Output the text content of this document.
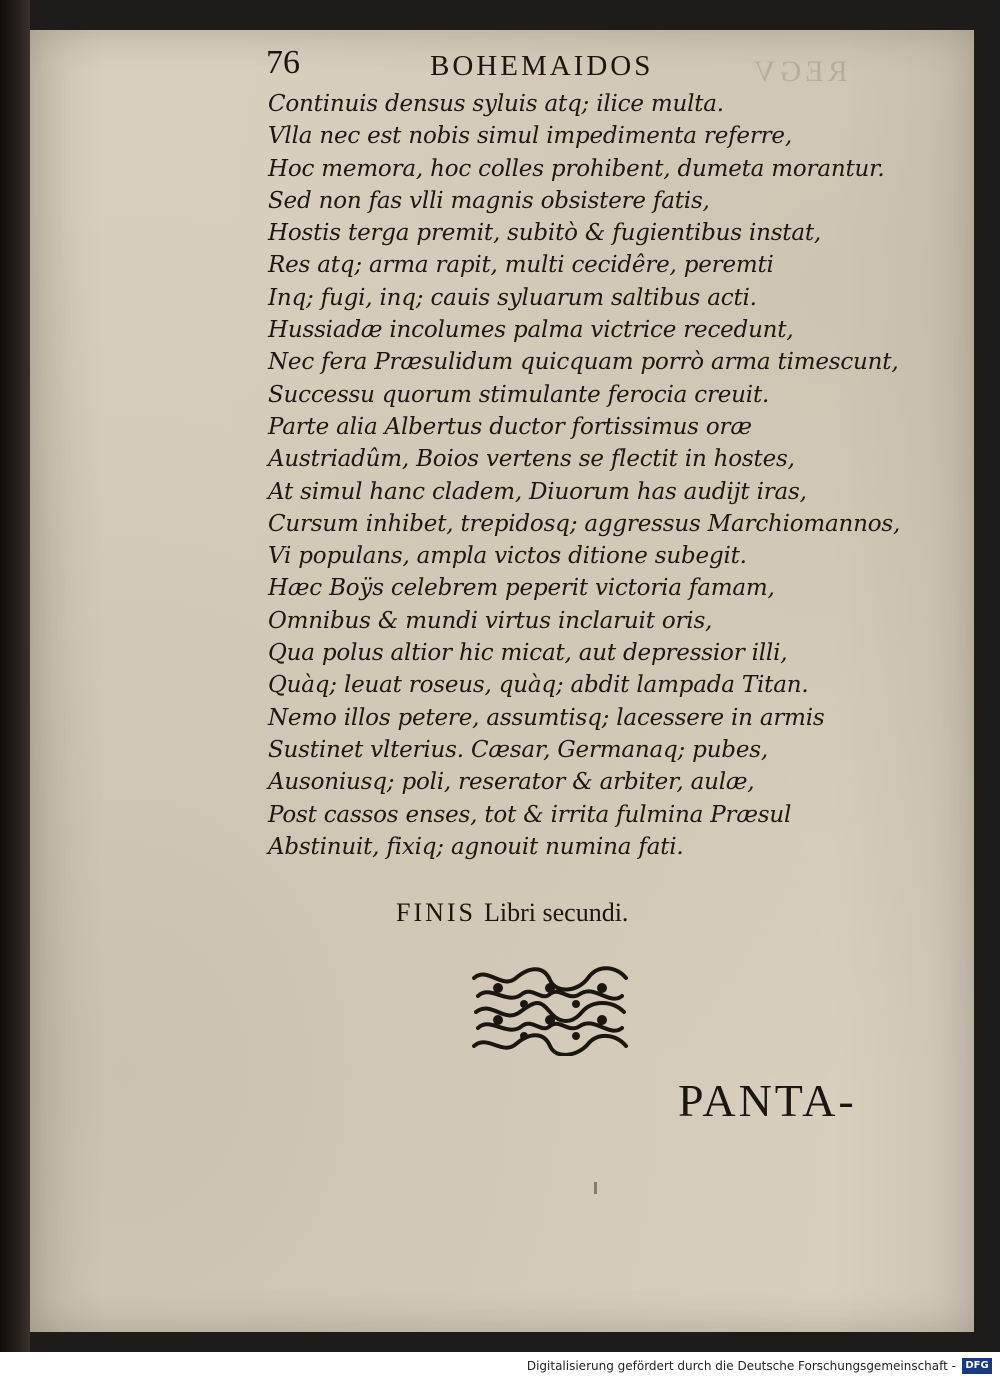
REGV
76	BOHEMAIDOS
Continuis densus syluis atq; ilice multa.
Vlla nec est nobis simul impedimenta referre,
Hoc memora, hoc colles prohibent, dumeta morantur.
Sed non fas vlli magnis obsistere fatis,
Hostis terga premit, subitò & fugientibus instat,
Res atq; arma rapit, multi cecidêre, peremti
Inq; fugi, inq; cauis syluarum saltibus acti.
Hussiadæ incolumes palma victrice recedunt,
Nec fera Præsulidum quicquam porrò arma timescunt,
Successu quorum stimulante ferocia creuit.
Parte alia Albertus ductor fortissimus oræ
Austriadûm, Boios vertens se flectit in hostes,
At simul hanc cladem, Diuorum has audijt iras,
Cursum inhibet, trepidosq; aggressus Marchiomannos,
Vi populans, ampla victos ditione subegit.
Hæc Boÿs celebrem peperit victoria famam,
Omnibus & mundi virtus inclaruit oris,
Qua polus altior hic micat, aut depressior illi,
Quàq; leuat roseus, quàq; abdit lampada Titan.
Nemo illos petere, assumtisq; lacessere in armis
Sustinet vlterius. Cæsar, Germanaq; pubes,
Ausoniusq; poli, reserator & arbiter, aulæ,
Post cassos enses, tot & irrita fulmina Præsul
Abstinuit, fixiq; agnouit numina fati.
FINIS Libri secundi.
PANTA-
Digitalisierung gefördert durch die Deutsche Forschungsgemeinschaft - DFG
